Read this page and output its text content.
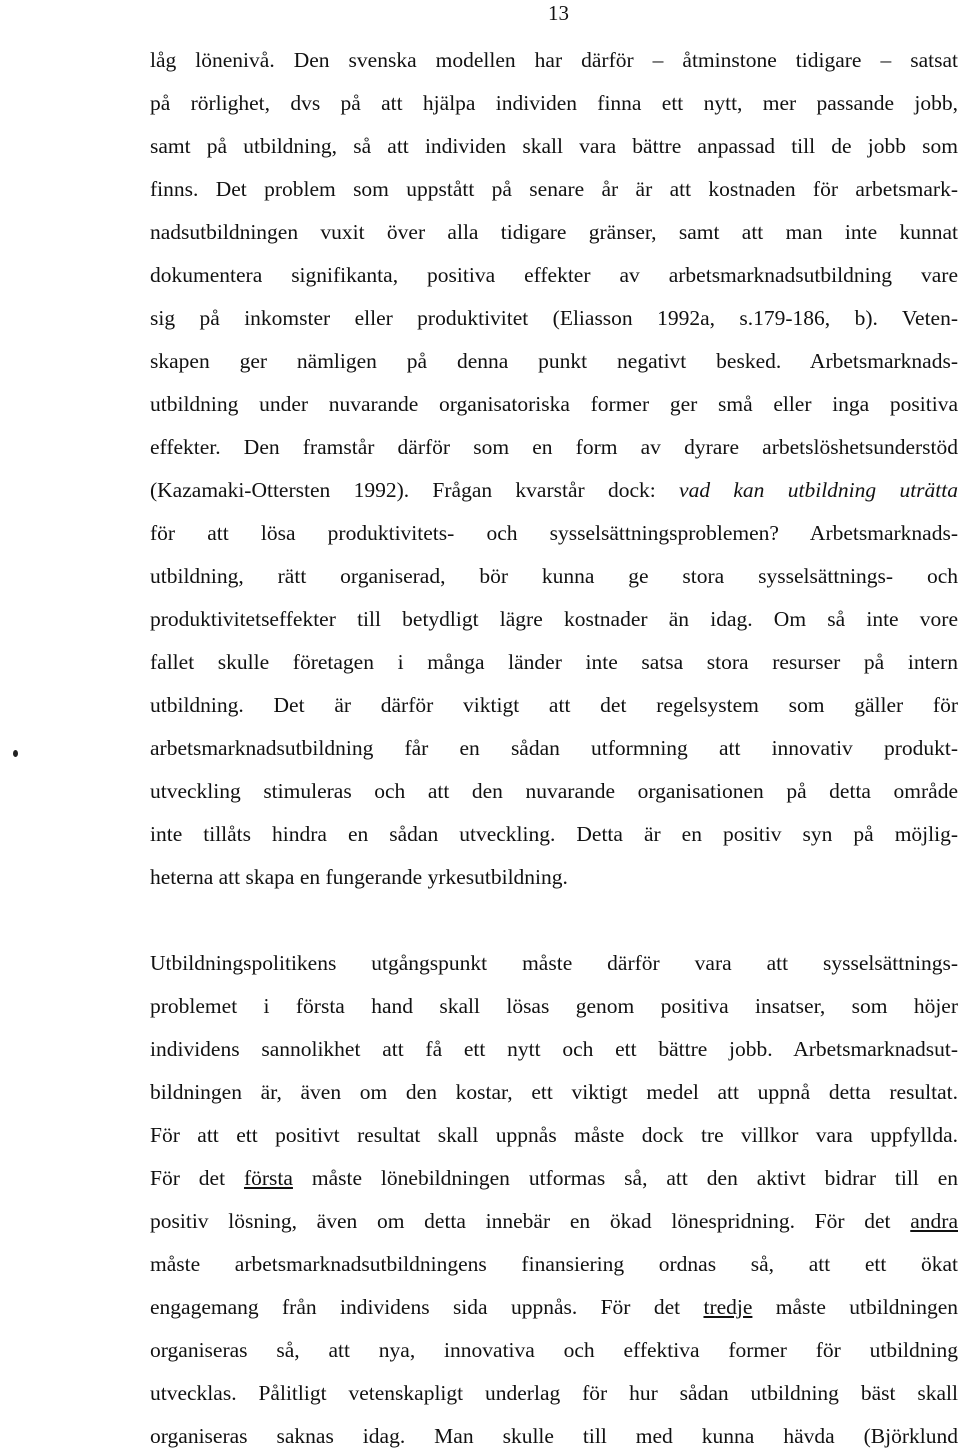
13
låg lönenivå. Den svenska modellen har därför – åtminstone tidigare – satsat
på rörlighet, dvs på att hjälpa individen finna ett nytt, mer passande jobb,
samt på utbildning, så att individen skall vara bättre anpassad till de jobb som
finns. Det problem som uppstått på senare år är att kostnaden för arbetsmark-
nadsutbildningen vuxit över alla tidigare gränser, samt att man inte kunnat
dokumentera signifikanta, positiva effekter av arbetsmarknadsutbildning vare
sig på inkomster eller produktivitet (Eliasson 1992a, s.179-186, b). Veten-
skapen ger nämligen på denna punkt negativt besked. Arbetsmarknads-
utbildning under nuvarande organisatoriska former ger små eller inga positiva
effekter. Den framstår därför som en form av dyrare arbetslöshetsunderstöd
(Kazamaki-Ottersten 1992). Frågan kvarstår dock: vad kan utbildning uträtta
för att lösa produktivitets- och sysselsättningsproblemen? Arbetsmarknads-
utbildning, rätt organiserad, bör kunna ge stora sysselsättnings- och
produktivitetseffekter till betydligt lägre kostnader än idag. Om så inte vore
fallet skulle företagen i många länder inte satsa stora resurser på intern
utbildning. Det är därför viktigt att det regelsystem som gäller för
arbetsmarknadsutbildning får en sådan utformning att innovativ produkt-
utveckling stimuleras och att den nuvarande organisationen på detta område
inte tillåts hindra en sådan utveckling. Detta är en positiv syn på möjlig-
heterna att skapa en fungerande yrkesutbildning.
Utbildningspolitikens utgångspunkt måste därför vara att sysselsättnings-
problemet i första hand skall lösas genom positiva insatser, som höjer
individens sannolikhet att få ett nytt och ett bättre jobb. Arbetsmarknadsut-
bildningen är, även om den kostar, ett viktigt medel att uppnå detta resultat.
För att ett positivt resultat skall uppnås måste dock tre villkor vara uppfyllda.
För det första måste lönebildningen utformas så, att den aktivt bidrar till en
positiv lösning, även om detta innebär en ökad lönespridning. För det andra
måste arbetsmarknadsutbildningens finansiering ordnas så, att ett ökat
engagemang från individens sida uppnås. För det tredje måste utbildningen
organiseras så, att nya, innovativa och effektiva former för utbildning
utvecklas. Pålitligt vetenskapligt underlag för hur sådan utbildning bäst skall
organiseras saknas idag. Man skulle till med kunna hävda (Björklund
